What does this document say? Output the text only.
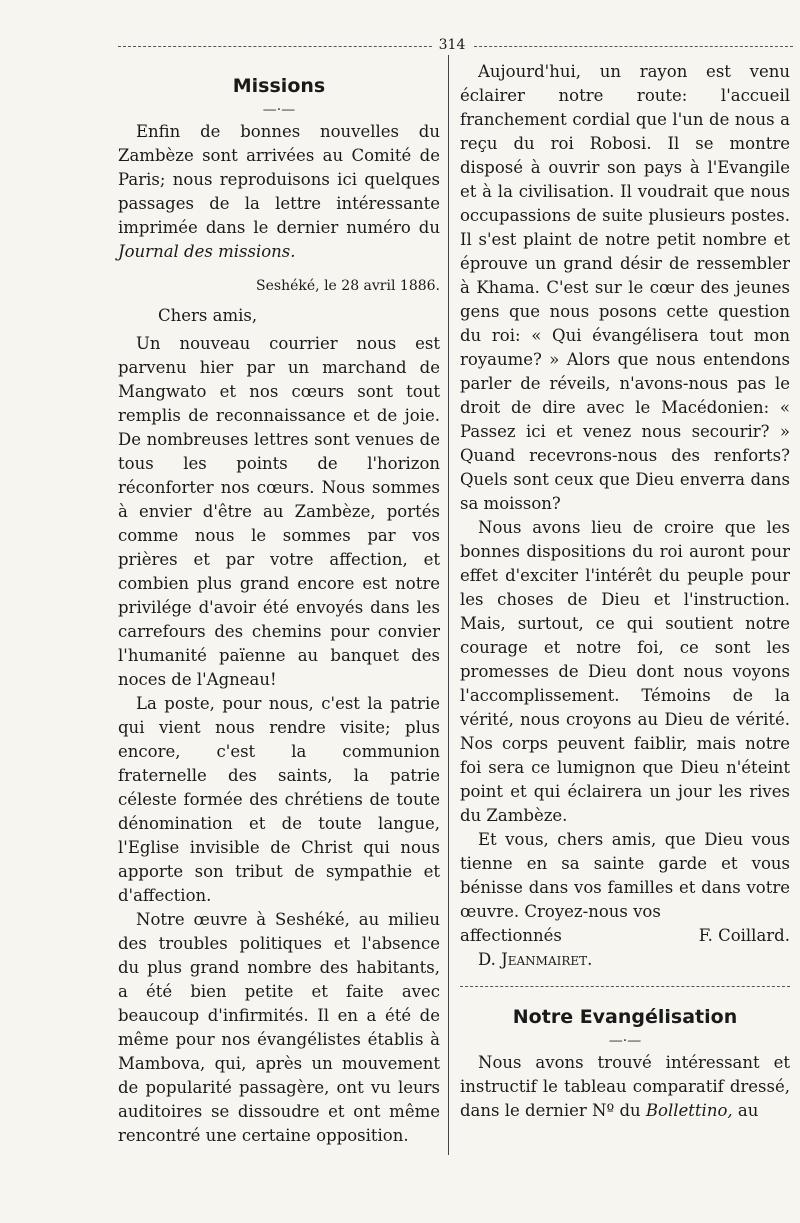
314
Missions
—·—

Enfin de bonnes nouvelles du Zambèze sont arrivées au Comité de Paris; nous reproduisons ici quelques passages de la lettre intéressante imprimée dans le dernier numéro du Journal des missions.

Seshéké, le 28 avril 1886.

Chers amis,

Un nouveau courrier nous est parvenu hier par un marchand de Mangwato et nos cœurs sont tout remplis de reconnaissance et de joie. De nombreuses lettres sont venues de tous les points de l'horizon réconforter nos cœurs. Nous sommes à envier d'être au Zambèze, portés comme nous le sommes par vos prières et par votre affection, et combien plus grand encore est notre privilége d'avoir été envoyés dans les carrefours des chemins pour convier l'humanité païenne au banquet des noces de l'Agneau!

La poste, pour nous, c'est la patrie qui vient nous rendre visite; plus encore, c'est la communion fraternelle des saints, la patrie céleste formée des chrétiens de toute dénomination et de toute langue, l'Eglise invisible de Christ qui nous apporte son tribut de sympathie et d'affection.

Notre œuvre à Seshéké, au milieu des troubles politiques et l'absence du plus grand nombre des habitants, a été bien petite et faite avec beaucoup d'infirmités. Il en a été de même pour nos évangélistes établis à Mambova, qui, après un mouvement de popularité passagère, ont vu leurs auditoires se dissoudre et ont même rencontré une certaine opposition.

Aujourd'hui, un rayon est venu éclairer notre route: l'accueil franchement cordial que l'un de nous a reçu du roi Robosi. Il se montre disposé à ouvrir son pays à l'Evangile et à la civilisation. Il voudrait que nous occupassions de suite plusieurs postes. Il s'est plaint de notre petit nombre et éprouve un grand désir de ressembler à Khama. C'est sur le cœur des jeunes gens que nous posons cette question du roi: « Qui évangélisera tout mon royaume? » Alors que nous entendons parler de réveils, n'avons-nous pas le droit de dire avec le Macédonien: « Passez ici et venez nous secourir? » Quand recevrons-nous des renforts? Quels sont ceux que Dieu enverra dans sa moisson?

Nous avons lieu de croire que les bonnes dispositions du roi auront pour effet d'exciter l'intérêt du peuple pour les choses de Dieu et l'instruction. Mais, surtout, ce qui soutient notre courage et notre foi, ce sont les promesses de Dieu dont nous voyons l'accomplissement. Témoins de la vérité, nous croyons au Dieu de vérité. Nos corps peuvent faiblir, mais notre foi sera ce lumignon que Dieu n'éteint point et qui éclairera un jour les rives du Zambèze.

Et vous, chers amis, que Dieu vous tienne en sa sainte garde et vous bénisse dans vos familles et dans votre œuvre. Croyez-nous vos

affectionnés	F. Coillard.

D. Jeanmairet.

Notre Evangélisation
—·—

Nous avons trouvé intéressant et instructif le tableau comparatif dressé, dans le dernier Nº du Bollettino, au
